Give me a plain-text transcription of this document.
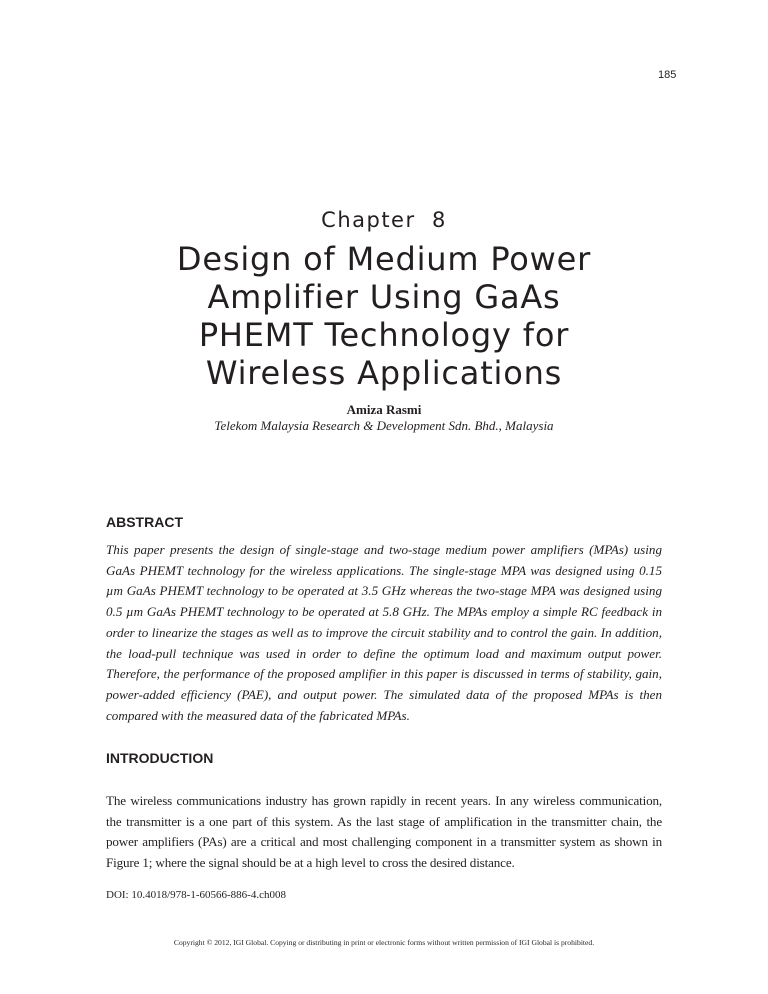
185
Chapter  8
Design of Medium Power
Amplifier Using GaAs
PHEMT Technology for
Wireless Applications
Amiza Rasmi
Telekom Malaysia Research & Development Sdn. Bhd., Malaysia
ABSTRACT
This paper presents the design of single-stage and two-stage medium power amplifiers (MPAs) using GaAs PHEMT technology for the wireless applications. The single-stage MPA was designed using 0.15 µm GaAs PHEMT technology to be operated at 3.5 GHz whereas the two-stage MPA was designed using 0.5 µm GaAs PHEMT technology to be operated at 5.8 GHz. The MPAs employ a simple RC feedback in order to linearize the stages as well as to improve the circuit stability and to control the gain. In addition, the load-pull technique was used in order to define the optimum load and maximum output power. Therefore, the performance of the proposed amplifier in this paper is discussed in terms of stability, gain, power-added efficiency (PAE), and output power. The simulated data of the proposed MPAs is then compared with the measured data of the fabricated MPAs.
INTRODUCTION
The wireless communications industry has grown rapidly in recent years. In any wireless communication, the transmitter is a one part of this system. As the last stage of amplification in the transmitter chain, the power amplifiers (PAs) are a critical and most challenging component in a transmitter system as shown in Figure 1; where the signal should be at a high level to cross the desired distance.
DOI: 10.4018/978-1-60566-886-4.ch008
Copyright © 2012, IGI Global. Copying or distributing in print or electronic forms without written permission of IGI Global is prohibited.
